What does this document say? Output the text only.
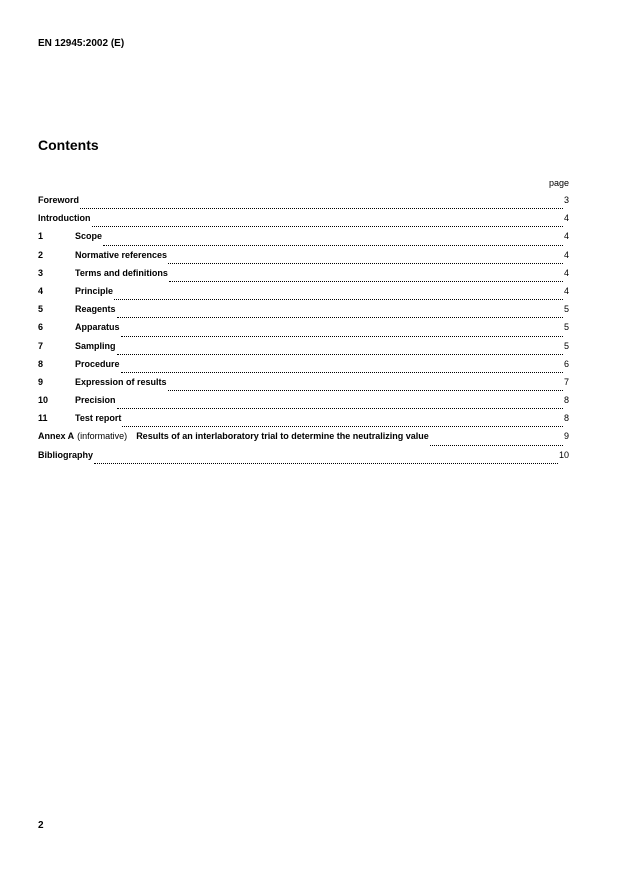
EN 12945:2002 (E)
Contents
page
Foreword	3
Introduction	4
1	Scope	4
2	Normative references	4
3	Terms and definitions	4
4	Principle	4
5	Reagents	5
6	Apparatus	5
7	Sampling	5
8	Procedure	6
9	Expression of results	7
10	Precision	8
11	Test report	8
Annex A (informative) Results of an interlaboratory trial to determine the neutralizing value	9
Bibliography	10
2
